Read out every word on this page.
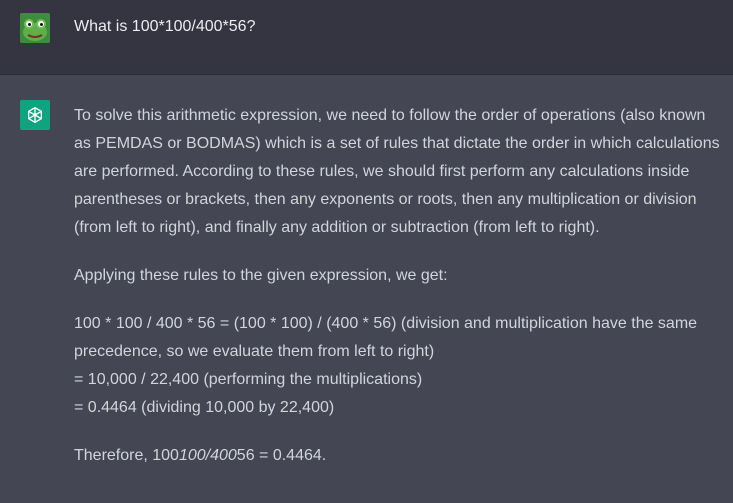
What is 100*100/400*56?

To solve this arithmetic expression, we need to follow the order of operations (also known as PEMDAS or BODMAS) which is a set of rules that dictate the order in which calculations are performed. According to these rules, we should first perform any calculations inside parentheses or brackets, then any exponents or roots, then any multiplication or division (from left to right), and finally any addition or subtraction (from left to right).

Applying these rules to the given expression, we get:

100 * 100 / 400 * 56 = (100 * 100) / (400 * 56) (division and multiplication have the same precedence, so we evaluate them from left to right)
= 10,000 / 22,400 (performing the multiplications)
= 0.4464 (dividing 10,000 by 22,400)

Therefore, 100100/40056 = 0.4464.
